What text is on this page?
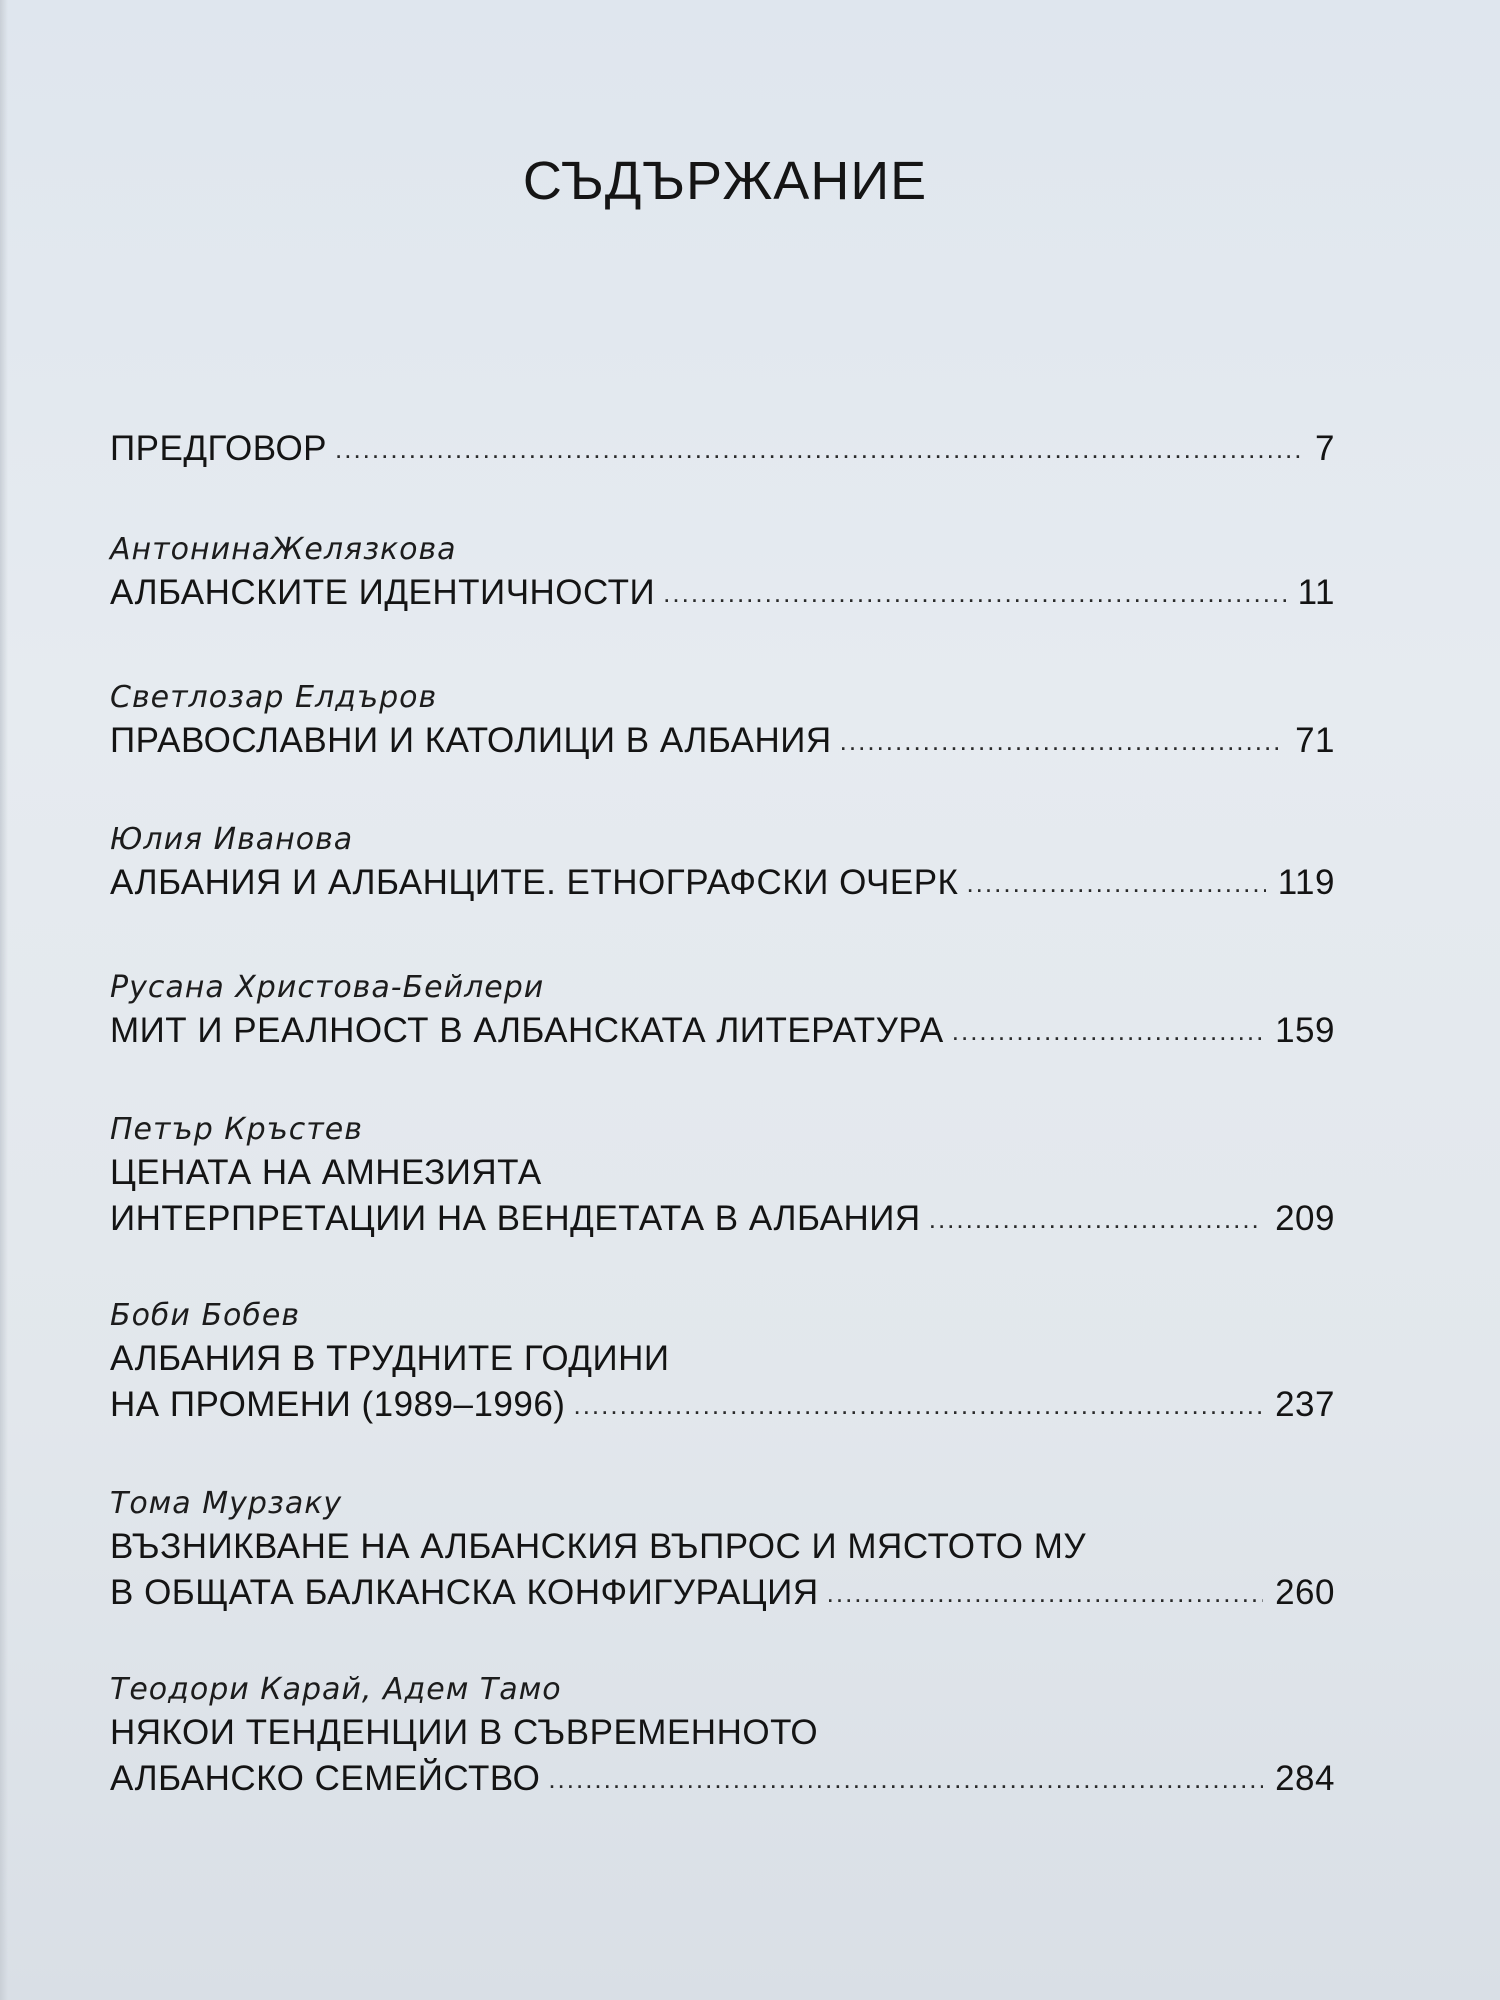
СЪДЪРЖАНИЕ
ПРЕДГОВОР .....	7
АнтонинаЖелязкова
АЛБАНСКИТЕ ИДЕНТИЧНОСТИ .....	11
Светлозар Елдъров
ПРАВОСЛАВНИ И КАТОЛИЦИ В АЛБАНИЯ .....	71
Юлия Иванова
АЛБАНИЯ И АЛБАНЦИТЕ. ЕТНОГРАФСКИ ОЧЕРК .....	119
Русана Христова-Бейлери
МИТ И РЕАЛНОСТ В АЛБАНСКАТА ЛИТЕРАТУРА .....	159
Петър Кръстев
ЦЕНАТА НА АМНЕЗИЯТА
ИНТЕРПРЕТАЦИИ НА ВЕНДЕТАТА В АЛБАНИЯ .....	209
Боби Бобев
АЛБАНИЯ В ТРУДНИТЕ ГОДИНИ
НА ПРОМЕНИ (1989–1996) .....	237
Тома Мурзаку
ВЪЗНИКВАНЕ НА АЛБАНСКИЯ ВЪПРОС И МЯСТОТО МУ
В ОБЩАТА БАЛКАНСКА КОНФИГУРАЦИЯ .....	260
Теодори Карай, Адем Тамо
НЯКОИ ТЕНДЕНЦИИ В СЪВРЕМЕННОТО
АЛБАНСКО СЕМЕЙСТВО .....	284
